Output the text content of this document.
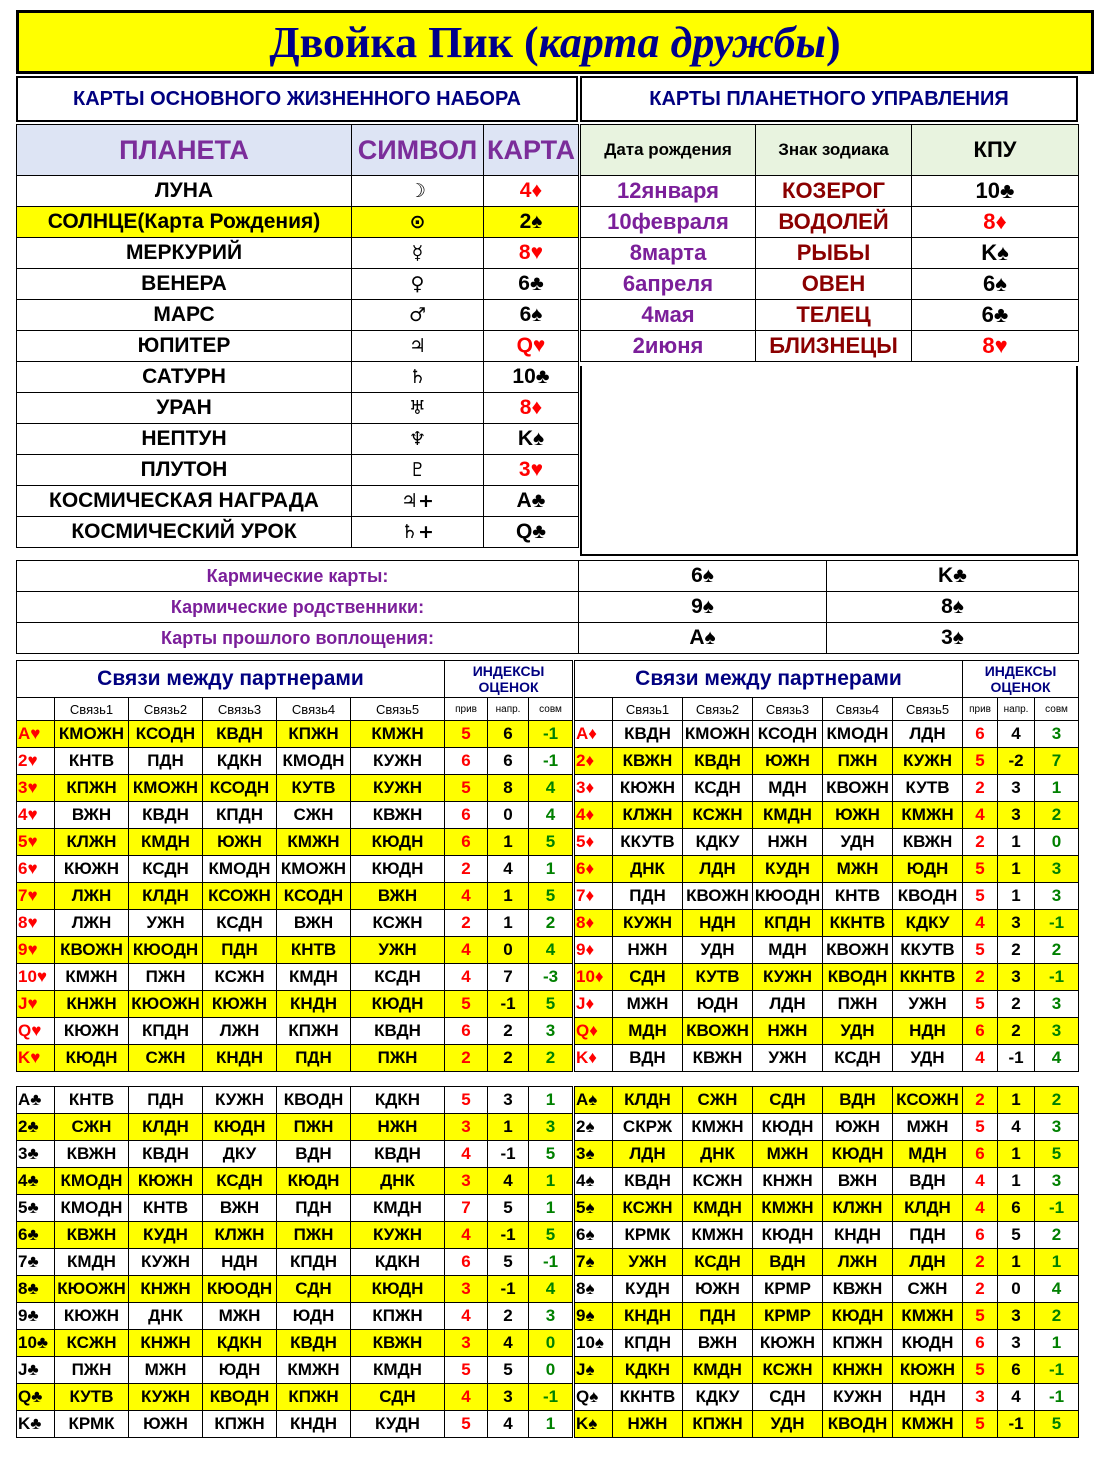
Двойка Пик ( карта дружбы )
КАРТЫ ОСНОВНОГО ЖИЗНЕННОГО НАБОРА	КАРТЫ ПЛАНЕТНОГО УПРАВЛЕНИЯ
ПЛАНЕТА	СИМВОЛ	КАРТА
ЛУНА	☽	4♦
СОЛНЦЕ(Карта Рождения)	⊙	2♠
МЕРКУРИЙ	☿	8♥
ВЕНЕРА	♀	6♣
МАРС	♂	6♠
ЮПИТЕР	♃	Q♥
САТУРН	♄	10♣
УРАН	♅	8♦
НЕПТУН	♆	K♠
ПЛУТОН	♇	3♥
КОСМИЧЕСКАЯ НАГРАДА	♃+	A♣
КОСМИЧЕСКИЙ УРОК	♄+	Q♣
Дата рождения	Знак зодиака	КПУ
12января	КОЗЕРОГ	10♣
10февраля	ВОДОЛЕЙ	8♦
8марта	РЫБЫ	K♠
6апреля	ОВЕН	6♠
4мая	ТЕЛЕЦ	6♣
2июня	БЛИЗНЕЦЫ	8♥
Кармические карты:	6♠	K♣
Кармические родственники:	9♠	8♠
Карты прошлого воплощения:	A♠	3♠
Связи между партнерами						ИНДЕКСЫ ОЦЕНОК		
	Связь1	Связь2	Связь3	Связь4	Связь5	прив	напр.	совм
A♥	КМОЖН	КСОДН	КВДН	КПЖН	КМЖН	5	6	-1
2♥	КНТВ	ПДН	КДКН	КМОДН	КУЖН	6	6	-1
3♥	КПЖН	КМОЖН	КСОДН	КУТВ	КУЖН	5	8	4
4♥	ВЖН	КВДН	КПДН	СЖН	КВЖН	6	0	4
5♥	КЛЖН	КМДН	ЮЖН	КМЖН	КЮДН	6	1	5
6♥	КЮЖН	КСДН	КМОДН	КМОЖН	КЮДН	2	4	1
7♥	ЛЖН	КЛДН	КСОЖН	КСОДН	ВЖН	4	1	5
8♥	ЛЖН	УЖН	КСДН	ВЖН	КСЖН	2	1	2
9♥	КВОЖН	КЮОДН	ПДН	КНТВ	УЖН	4	0	4
10♥	КМЖН	ПЖН	КСЖН	КМДН	КСДН	4	7	-3
J♥	КНЖН	КЮОЖН	КЮЖН	КНДН	КЮДН	5	-1	5
Q♥	КЮЖН	КПДН	ЛЖН	КПЖН	КВДН	6	2	3
K♥	КЮДН	СЖН	КНДН	ПДН	ПЖН	2	2	2
Связи между партнерами						ИНДЕКСЫ ОЦЕНОК		
	Связь1	Связь2	Связь3	Связь4	Связь5	прив	напр.	совм
A♦	КВДН	КМОЖН	КСОДН	КМОДН	ЛДН	6	4	3
2♦	КВЖН	КВДН	ЮЖН	ПЖН	КУЖН	5	-2	7
3♦	КЮЖН	КСДН	МДН	КВОЖН	КУТВ	2	3	1
4♦	КЛЖН	КСЖН	КМДН	ЮЖН	КМЖН	4	3	2
5♦	ККУТВ	КДКУ	НЖН	УДН	КВЖН	2	1	0
6♦	ДНК	ЛДН	КУДН	МЖН	ЮДН	5	1	3
7♦	ПДН	КВОЖН	КЮОДН	КНТВ	КВОДН	5	1	3
8♦	КУЖН	НДН	КПДН	ККНТВ	КДКУ	4	3	-1
9♦	НЖН	УДН	МДН	КВОЖН	ККУТВ	5	2	2
10♦	СДН	КУТВ	КУЖН	КВОДН	ККНТВ	2	3	-1
J♦	МЖН	ЮДН	ЛДН	ПЖН	УЖН	5	2	3
Q♦	МДН	КВОЖН	НЖН	УДН	НДН	6	2	3
K♦	ВДН	КВЖН	УЖН	КСДН	УДН	4	-1	4
A♣	КНТВ	ПДН	КУЖН	КВОДН	КДКН	5	3	1
2♣	СЖН	КЛДН	КЮДН	ПЖН	НЖН	3	1	3
3♣	КВЖН	КВДН	ДКУ	ВДН	КВДН	4	-1	5
4♣	КМОДН	КЮЖН	КСДН	КЮДН	ДНК	3	4	1
5♣	КМОДН	КНТВ	ВЖН	ПДН	КМДН	7	5	1
6♣	КВЖН	КУДН	КЛЖН	ПЖН	КУЖН	4	-1	5
7♣	КМДН	КУЖН	НДН	КПДН	КДКН	6	5	-1
8♣	КЮОЖН	КНЖН	КЮОДН	СДН	КЮДН	3	-1	4
9♣	КЮЖН	ДНК	МЖН	ЮДН	КПЖН	4	2	3
10♣	КСЖН	КНЖН	КДКН	КВДН	КВЖН	3	4	0
J♣	ПЖН	МЖН	ЮДН	КМЖН	КМДН	5	5	0
Q♣	КУТВ	КУЖН	КВОДН	КПЖН	СДН	4	3	-1
K♣	КРМК	ЮЖН	КПЖН	КНДН	КУДН	5	4	1
A♠	КЛДН	СЖН	СДН	ВДН	КСОЖН	2	1	2
2♠	СКРЖ	КМЖН	КЮДН	ЮЖН	МЖН	5	4	3
3♠	ЛДН	ДНК	МЖН	КЮДН	МДН	6	1	5
4♠	КВДН	КСЖН	КНЖН	ВЖН	ВДН	4	1	3
5♠	КСЖН	КМДН	КМЖН	КЛЖН	КЛДН	4	6	-1
6♠	КРМК	КМЖН	КЮДН	КНДН	ПДН	6	5	2
7♠	УЖН	КСДН	ВДН	ЛЖН	ЛДН	2	1	1
8♠	КУДН	ЮЖН	КРМР	КВЖН	СЖН	2	0	4
9♠	КНДН	ПДН	КРМР	КЮДН	КМЖН	5	3	2
10♠	КПДН	ВЖН	КЮЖН	КПЖН	КЮДН	6	3	1
J♠	КДКН	КМДН	КСЖН	КНЖН	КЮЖН	5	6	-1
Q♠	ККНТВ	КДКУ	СДН	КУЖН	НДН	3	4	-1
K♠	НЖН	КПЖН	УДН	КВОДН	КМЖН	5	-1	5
